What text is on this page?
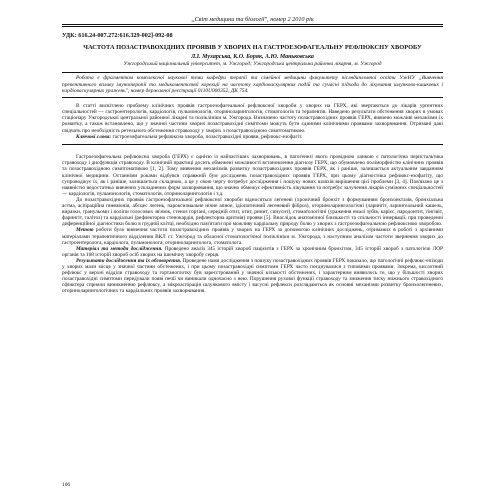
„Світ медицини та біології", номер 2 2010 рік
УДК: 616.24-007.272:616.329-002]-092-08
ЧАСТОТА ПОЗАСТРАВОХІДНИХ ПРОЯВІВ У ХВОРИХ НА ГАСТРОЕЗОФАГЕАЛЬНУ РЕФЛЮКСНУ ХВОРОБУ
Л.І. Мухарська, К.О. Боряк, А.Ю. Маньковська
Ужгородський національний університет, м. Ужгород; Ужгородська центральна районна лікарня, м. Ужгород
Робота є фрагментом комплексної наукової теми кафедри терапії та сімейної медицини факультету післядипломної освіти УжНУ „Вивчення превентивного впливу імунотерапії та медикаментозної корекції на частоту кардіоваскулярних подій та сучасні підходи до лікування шлунково-кишкових і кардіоваскулярних уражень", номер державної реєстрації 0110U000352, ДК 754.
В статті висвітлено проблему клінічних проявів гастроезофагеальної рефлюксної хвороби у хворих на ГЕРХ, які звертаються до лікарів ургентних спеціальностей — гастроентерологів, кардіологів, пульмонологів, оториноларингологів, стоматологів та терапевтів. Наведено результати обстеження хворих в умовах стаціонару Ужгородської центральної районної лікарні та поліклініки м. Ужгорода. Визначено частоту позастравохідних проявів ГЕРХ, вивчено можливі механізми їх розвитку, а також встановлено, що у значної частини хворих позастравохідні симптоми можуть бути єдиними клінічними проявами захворювання. Отримані дані свідчать про необхідність ретельного обстеження стравоходу у хворих з позастравохідною симптоматикою.
Ключові слова: гастроезофагеальна рефлюксна хвороба, позастравохідні прояви, рефлюкс-езофагіт.

Гастроезофагеальна рефлюксна хвороба (ГЕРХ) є однією із найчастіших захворювань, в патогенезі якого провідною ланкою є патологічна перистальтика стравоходу і дисфункція стравоходу. В клінічній практиці досить обмежені можливості встановлення діагнозу ГЕРХ, що обумовлено поліморфністю клінічних проявів та позастравохідною симптоматикою [1, 2]. Тому вивчення механізмів розвитку позастравохідних проявів ГЕРХ, як і раніше, залишається актуальним завданням клінічної медицини. Останніми роками відбувся справжній бум досліджень позастравохідних проявів ГЕРХ, при цьому діагностика рефлюкс-езофагіту, що супроводжує їх, як і раніше, залишається складною, а це у свою чергу потребує дослідження і пошуку нових шляхів вирішення цієї проблеми [3, 4]. Пов'язано це з наявністю недостатньо вивчених ускладнених форм захворювання, що значно обмежує ефективність лікування та потребує залучення лікарів суміжних спеціальностей — кардіологів, пульмонологів, стоматологів, оториноларингологів і т.д.

До позастравохідних проявів гастроезофагеальної рефлюксної хвороби відносяться легеневі (хронічний бронхіт з формуванням бронхоектазів, бронхіальна астма, аспіраційна пневмонія, абсцес легень, пароксизмальне нічне апное, ідіопатичний легеневий фіброз), оториноларингологічні (ларингіт, ларингеальний кашель, виразки, гранульоми і поліпи голосових зв'язок, стеноз гортані, середній отит, отит, ринит, синусит), стоматологічні (ураження емалі зубів, карієс, пародонтит, гінгівіт, фарингіт, галітоз) та кардіальні (рефлекторна стенокардія, рефлекторна аритмія) прояви [5]. Внаслідок анатомічної близькості та спільності іннервації, при проведенні диференційної діагностики болю в грудній клітці, необхідно пам'ятати про можливу кардіальну природу болю у хворих з гастроезофагеальною рефлюксною хворобою.

Метою роботи було вивчення частоти позастравохідних проявів у хворих на ГЕРХ за допомогою клінічних досліджень, отриманих в роботі з архівними матеріалами терапевтичного відділення ВКЛ ст. Ужгород та обласної стоматологічної поліклініки м. Ужгорода, з наступним аналізом частоти звернення хворих до гастроентеролога, кардіолога, пульмонолога, оториноларинголога, стоматолога.

Матеріал та методи дослідження. Проведено аналіз 345 історій хвороб пацієнтів з ГЕРХ за хронічним бронхітом, 345 історій хвороб з патологією ЛОР органів та 168 історій хвороб осіб хворих на ішемічну хворобу серця.

Результати дослідження та їх обговорення. Проведене нами дослідження з пошуку позастравохідних проявів ГЕРХ показало, що патологічні рефлюкс-епізоди у хворих мали місце у значної частини обстежених, і при цьому позастравохідні симптоми ГЕРХ часто поєднувалися з типовими проявами. Зокрема, кислотний рефлюкс у верхні відділи стравоходу та гортаноглотку був зареєстрований у значної кількості обстежених, і характерним виявилось те, що у більшості хворих позастравохідні симптоми передували появі печії чи виникали одночасно з нею. Порушення рухової функції стравоходу та зниження тиску нижнього стравохідного сфінктера сприяли виникненню рефлюксу, а мікроаспірація шлункового вмісту і вагусні рефлекси розглядаються як основні механізми розвитку бронхолегеневих, оториноларингологічних та кардіальних проявів захворювання.

106
